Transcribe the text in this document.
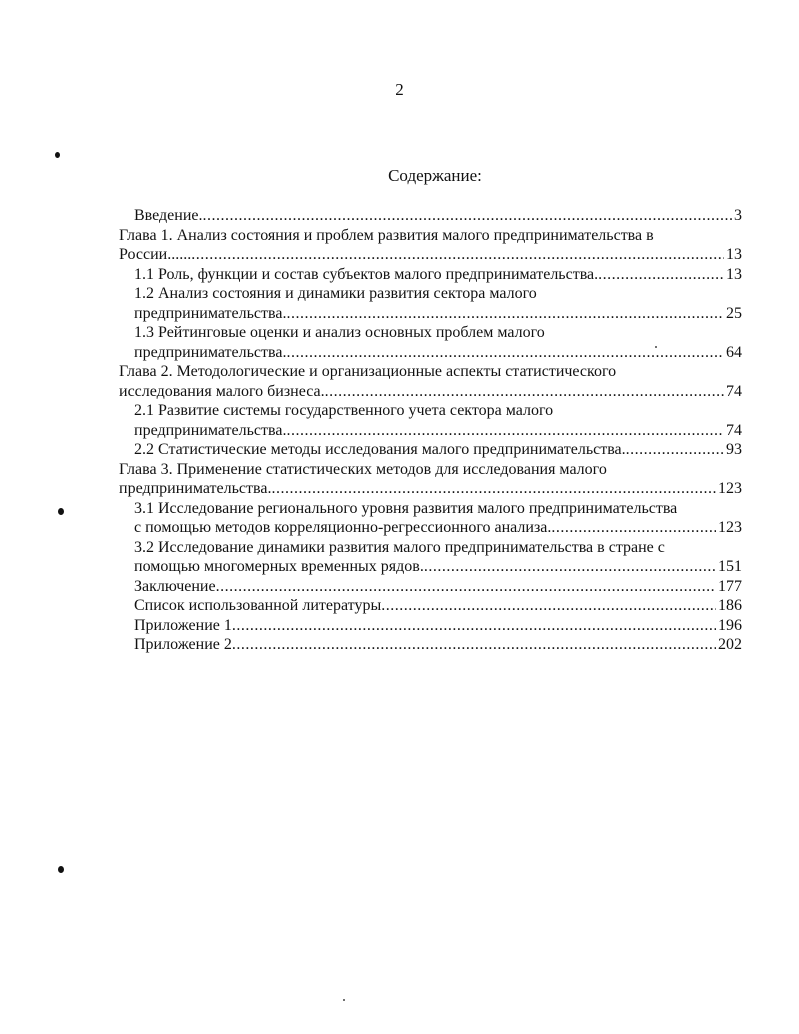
2
Содержание:
Введение. .....	3
Глава 1. Анализ состояния и проблем развития малого предпринимательства в
России...... .....	13
1.1 Роль, функции и состав субъектов малого предпринимательства. .....	13
1.2 Анализ состояния и динамики развития сектора малого
предпринимательства. .....	25
1.3 Рейтинговые оценки и анализ основных проблем малого
предпринимательства. .....	64
Глава 2. Методологические и организационные аспекты статистического
исследования малого бизнеса. .....	74
2.1 Развитие системы государственного учета сектора малого
предпринимательства. .....	74
2.2 Статистические методы исследования малого предпринимательства. .....	93
Глава 3. Применение статистических методов для исследования малого
предпринимательства. .....	123
3.1 Исследование регионального уровня развития малого предпринимательства
с помощью методов корреляционно-регрессионного анализа. .....	123
3.2 Исследование динамики развития малого предпринимательства в стране с
помощью многомерных временных рядов. .....	151
Заключение .....	177
Список использованной литературы .....	186
Приложение 1 .....	196
Приложение 2 .....	202
